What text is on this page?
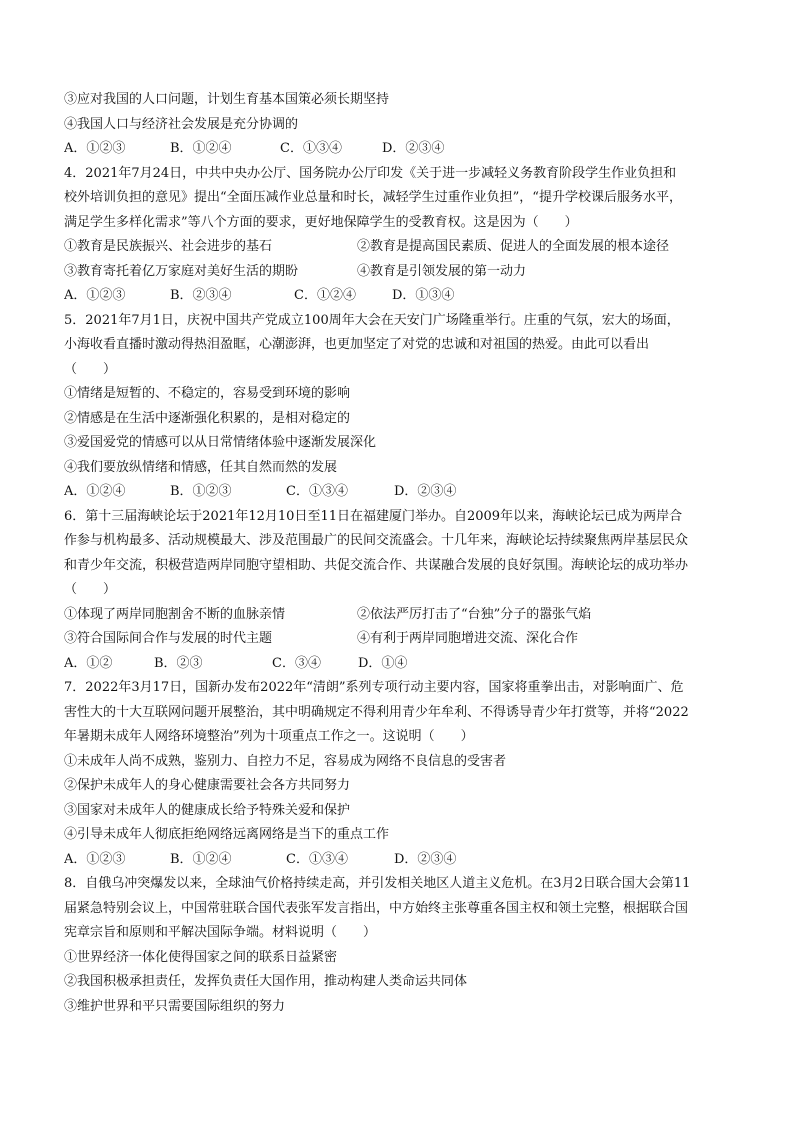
③应对我国的人口问题，计划生育基本国策必须长期坚持
④我国人口与经济社会发展是充分协调的
A．①②③	B．①②④	C．①③④	D．②③④
4．2021年7月24日，中共中央办公厅、国务院办公厅印发《关于进一步减轻义务教育阶段学生作业负担和
校外培训负担的意见》提出“全面压减作业总量和时长，减轻学生过重作业负担”，“提升学校课后服务水平，
满足学生多样化需求”等八个方面的要求，更好地保障学生的受教育权。这是因为（　　）
①教育是民族振兴、社会进步的基石	②教育是提高国民素质、促进人的全面发展的根本途径
③教育寄托着亿万家庭对美好生活的期盼	④教育是引领发展的第一动力
A．①②③	B．②③④	C．①②④	D．①③④
5．2021年7月1日，庆祝中国共产党成立100周年大会在天安门广场隆重举行。庄重的气氛，宏大的场面，
小海收看直播时激动得热泪盈眶，心潮澎湃，也更加坚定了对党的忠诚和对祖国的热爱。由此可以看出
（　　）
①情绪是短暂的、不稳定的，容易受到环境的影响
②情感是在生活中逐渐强化积累的，是相对稳定的
③爱国爱党的情感可以从日常情绪体验中逐渐发展深化
④我们要放纵情绪和情感，任其自然而然的发展
A．①②④	B．①②③	C．①③④	D．②③④
6．第十三届海峡论坛于2021年12月10日至11日在福建厦门举办。自2009年以来，海峡论坛已成为两岸合
作参与机构最多、活动规模最大、涉及范围最广的民间交流盛会。十几年来，海峡论坛持续聚焦两岸基层民众
和青少年交流，积极营造两岸同胞守望相助、共促交流合作、共谋融合发展的良好氛围。海峡论坛的成功举办
（　　）
①体现了两岸同胞割舍不断的血脉亲情	②依法严厉打击了“台独”分子的嚣张气焰
③符合国际间合作与发展的时代主题	④有利于两岸同胞增进交流、深化合作
A．①②	B．②③	C．③④	D．①④
7．2022年3月17日，国新办发布2022年“清朗”系列专项行动主要内容，国家将重拳出击，对影响面广、危
害性大的十大互联网问题开展整治，其中明确规定不得利用青少年牟利、不得诱导青少年打赏等，并将“2022
年暑期未成年人网络环境整治”列为十项重点工作之一。这说明（　　）
①未成年人尚不成熟，鉴别力、自控力不足，容易成为网络不良信息的受害者
②保护未成年人的身心健康需要社会各方共同努力
③国家对未成年人的健康成长给予特殊关爱和保护
④引导未成年人彻底拒绝网络远离网络是当下的重点工作
A．①②③	B．①②④	C．①③④	D．②③④
8．自俄乌冲突爆发以来，全球油气价格持续走高，并引发相关地区人道主义危机。在3月2日联合国大会第11
届紧急特别会议上，中国常驻联合国代表张军发言指出，中方始终主张尊重各国主权和领土完整，根据联合国
宪章宗旨和原则和平解决国际争端。材料说明（　　）
①世界经济一体化使得国家之间的联系日益紧密
②我国积极承担责任，发挥负责任大国作用，推动构建人类命运共同体
③维护世界和平只需要国际组织的努力
